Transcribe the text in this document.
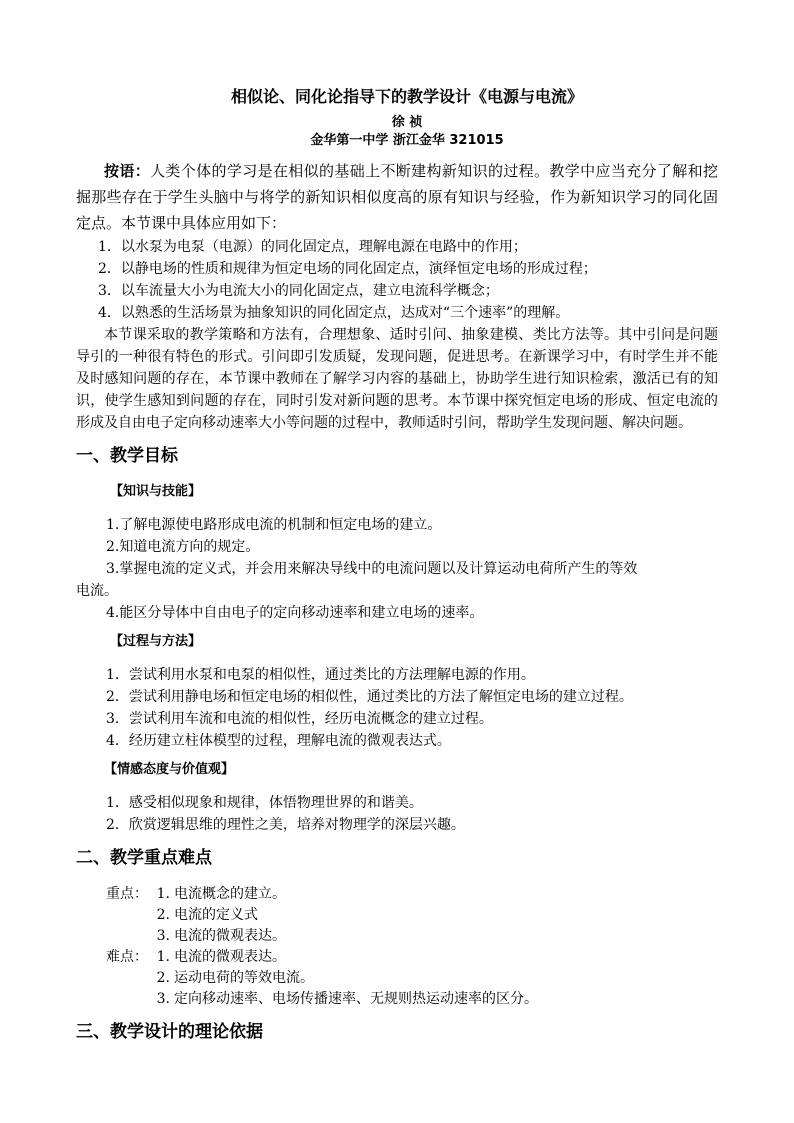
相似论、同化论指导下的教学设计《电源与电流》
徐 祯
金华第一中学 浙江金华 321015

按语：人类个体的学习是在相似的基础上不断建构新知识的过程。教学中应当充分了解和挖掘那些存在于学生头脑中与将学的新知识相似度高的原有知识与经验，作为新知识学习的同化固定点。本节课中具体应用如下：

1．以水泵为电泵（电源）的同化固定点，理解电源在电路中的作用；
2．以静电场的性质和规律为恒定电场的同化固定点，演绎恒定电场的形成过程；
3．以车流量大小为电流大小的同化固定点，建立电流科学概念；
4．以熟悉的生活场景为抽象知识的同化固定点，达成对“三个速率”的理解。

本节课采取的教学策略和方法有，合理想象、适时引问、抽象建模、类比方法等。其中引问是问题导引的一种很有特色的形式。引问即引发质疑，发现问题，促进思考。在新课学习中，有时学生并不能及时感知问题的存在，本节课中教师在了解学习内容的基础上，协助学生进行知识检索，激活已有的知识，使学生感知到问题的存在，同时引发对新问题的思考。本节课中探究恒定电场的形成、恒定电流的形成及自由电子定向移动速率大小等问题的过程中，教师适时引问，帮助学生发现问题、解决问题。

一、教学目标
【知识与技能】
1.了解电源使电路形成电流的机制和恒定电场的建立。
2.知道电流方向的规定。
3.掌握电流的定义式，并会用来解决导线中的电流问题以及计算运动电荷所产生的等效
电流。
4.能区分导体中自由电子的定向移动速率和建立电场的速率。
【过程与方法】
1．尝试利用水泵和电泵的相似性，通过类比的方法理解电源的作用。
2．尝试利用静电场和恒定电场的相似性，通过类比的方法了解恒定电场的建立过程。
3．尝试利用车流和电流的相似性，经历电流概念的建立过程。
4．经历建立柱体模型的过程，理解电流的微观表达式。
【情感态度与价值观】
1．感受相似现象和规律，体悟物理世界的和谐美。
2．欣赏逻辑思维的理性之美，培养对物理学的深层兴趣。
二、教学重点难点
重点： 1. 电流概念的建立。
2. 电流的定义式
3. 电流的微观表达。
难点： 1. 电流的微观表达。
2. 运动电荷的等效电流。
3. 定向移动速率、电场传播速率、无规则热运动速率的区分。
三、教学设计的理论依据
